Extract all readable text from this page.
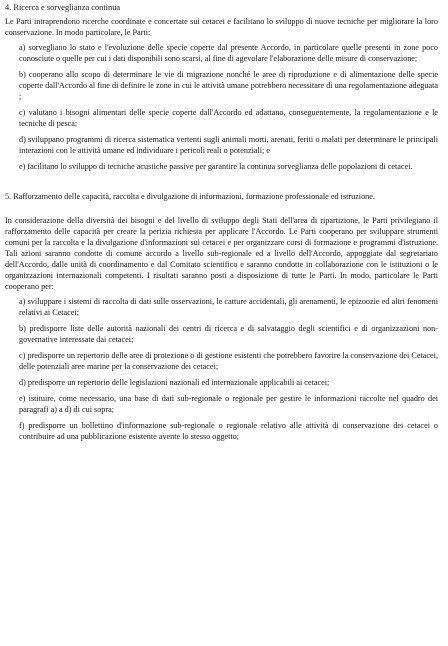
4. Ricerca e sorveglianza continua
Le Parti intraprendono ricerche coordinate e concertate sui cetacei e facilitano lo sviluppo di nuove tecniche per migliorare la loro conservazione. In modo particolare, le Parti:
a) sorvegliano lo stato e l'evoluzione delle specie coperte dal presente Accordo, in particolare quelle presenti in zone poco conosciute o quelle per cui i dati disponibili sono scarsi, al fine di agevolare l'elaborazione delle misure di conservazione;
b) cooperano allo scopo di determinare le vie di migrazione nonché le aree di riproduzione e di alimentazione delle specie coperte dall'Accordo al fine di definire le zone in cui le attività umane potrebbero necessitare di una regolamentazione adeguata ;
c) valutano i bisogni alimentari delle specie coperte dall'Accordo ed adattano, conseguentemente, la regolamentazione e le tecniche di pesca;
d) sviluppano programmi di ricerca sistematica vertenti sugli animali morti, arenati, feriti o malati per determinare le principali interazioni con le attività umane ed individuare i pericoli reali o potenziali; e
e) facilitano lo sviluppo di tecniche acustiche passive per garantire la continua sorveglianza delle popolazioni di cetacei.
5. Rafforzamento delle capacità, raccolta e divulgazione di informazioni, formazione professionale ed istruzione.
In considerazione della diversità dei bisogni e del livello di sviluppo degli Stati dell'area di ripartizione, le Parti privilegiano il rafforzamento delle capacità per creare la perizia richiesta per applicare l'Accordo. Le Parti cooperano per sviluppare strumenti comuni per la raccolta e la divulgazione d'informazioni sui cetacei e per organizzare corsi di formazione e programmi d'istruzione. Tali azioni saranno condotte di comune accordo a livello sub-regionale ed a livello dell'Accordo, appoggiate dal segretariato dell'Accordo, dalle unità di coordinamento e dal Comitato scientifico e saranno condotte in collaborazione con le istituzioni o le organizzazioni internazionali competenti. I risultati saranno posti a disposizione di tutte le Parti. In modo, particolare le Parti cooperano per:
a) sviluppare i sistemi di raccolta di dati sulle osservazioni, le catture accidentali, gli arenamenti, le epizoozie ed altri fenomeni relativi ai Cetacei;
b) predisporre liste delle autorità nazionali dei centri di ricerca e di salvataggio degli scientifici e di organizzazioni non-governative interessate dai cetacei;
c) predisporre un repertorio delle aree di protezione o di gestione esistenti che potrebbero favorire la conservazione dei Cetacei, delle potenziali aree marine per la conservazione dei cetacei;
d) predisporre un repertorio delle legislazioni nazionali ed internazionale applicabili ai cetacei;
e) istituire, come necessario, una base di dati sub-regionale o regionale per gestire le informazioni raccolte nel quadro dei paragrafi a) a d) di cui sopra;
f) predisporre un bollettino d'informazione sub-regionale o regionale relativo alle attività di conservazione dei cetacei o contribuire ad una pubblicazione esistente avente lo stesso oggetto;
